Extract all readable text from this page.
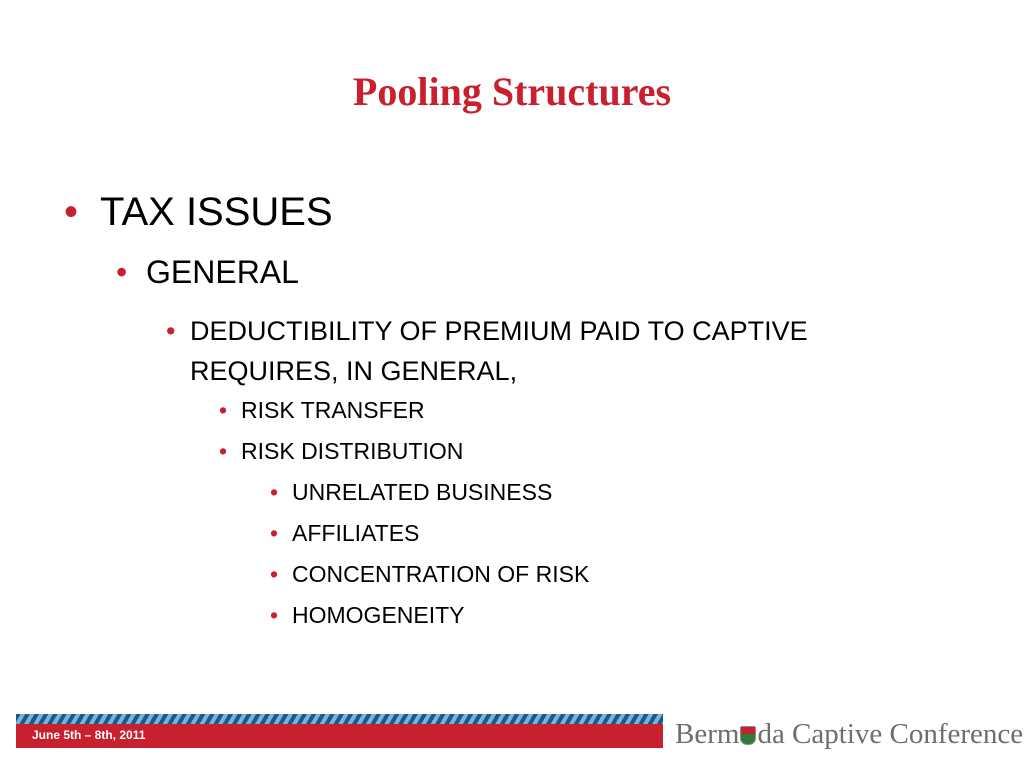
Pooling Structures
• TAX ISSUES
• GENERAL
• DEDUCTIBILITY OF PREMIUM PAID TO CAPTIVE REQUIRES, IN GENERAL,
• RISK TRANSFER
• RISK DISTRIBUTION
• UNRELATED BUSINESS
• AFFILIATES
• CONCENTRATION OF RISK
• HOMOGENEITY
June 5th – 8th, 2011	Berm da Captive Conference
